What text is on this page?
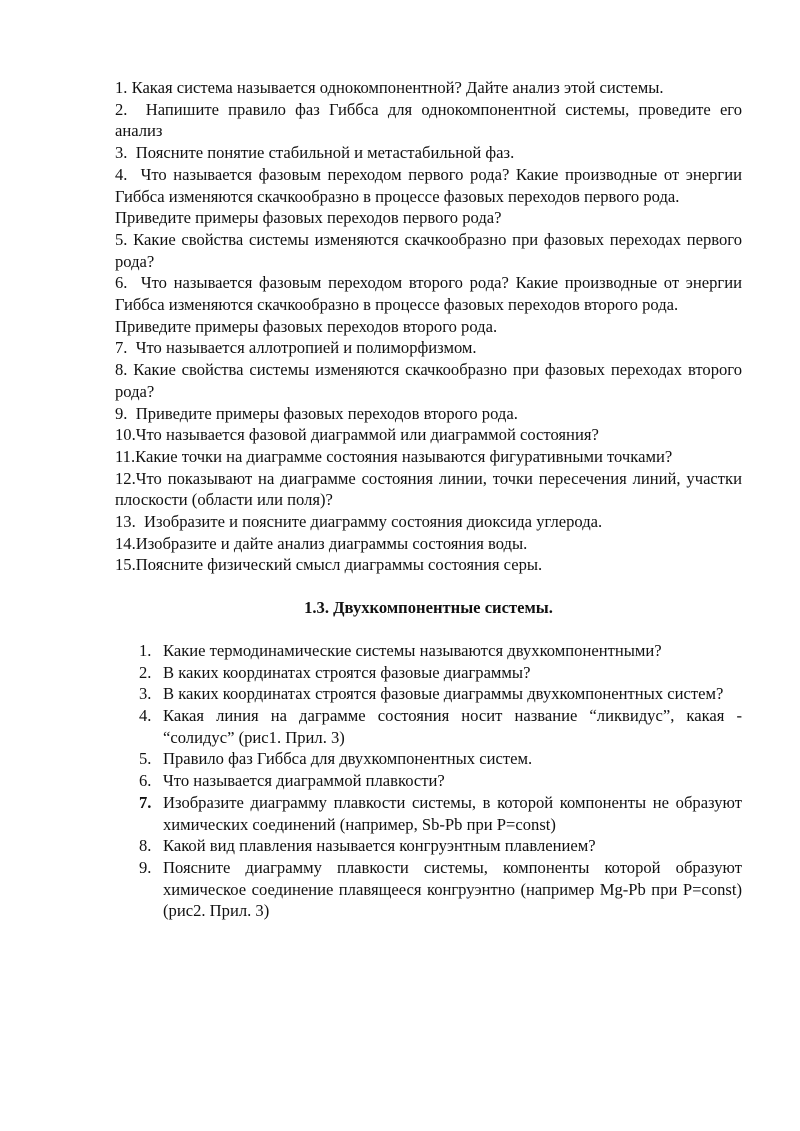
1. Какая система называется однокомпонентной? Дайте анализ этой системы.

2.  Напишите правило фаз Гиббса для однокомпонентной системы, проведите его анализ

3.  Поясните понятие стабильной и метастабильной фаз.

4.  Что называется фазовым переходом первого рода? Какие производные от энергии Гиббса изменяются скачкообразно в процессе фазовых переходов первого рода.

Приведите примеры фазовых переходов первого рода?

5. Какие свойства системы изменяются скачкообразно при фазовых переходах первого рода?

6.  Что называется фазовым переходом второго рода? Какие производные от энергии Гиббса изменяются скачкообразно в процессе фазовых переходов второго рода.

Приведите примеры фазовых переходов второго рода.

7.  Что называется аллотропией и полиморфизмом.

8. Какие свойства системы изменяются скачкообразно при фазовых переходах второго рода?

9.  Приведите примеры фазовых переходов второго рода.

10.Что называется фазовой диаграммой или диаграммой состояния?

11.Какие точки на диаграмме состояния называются фигуративными точками?

12.Что показывают на диаграмме состояния линии, точки пересечения линий, участки плоскости (области или поля)?

13.  Изобразите и поясните диаграмму состояния диоксида углерода.

14.Изобразите и дайте анализ диаграммы состояния воды.

15.Поясните физический смысл диаграммы состояния серы.

1.3. Двухкомпонентные системы.
1. Какие термодинамические системы называются двухкомпонентными?
2. В каких координатах строятся фазовые диаграммы?
3. В каких координатах строятся фазовые диаграммы двухкомпонентных систем?
4. Какая линия на дагрaмме состояния носит название “ликвидус”, какая - “солидус” (рис1. Прил. 3)
5. Правило фаз Гиббса для двухкомпонентных систем.
6. Что называется диаграммой плавкости?
7. Изобразите диаграмму плавкости системы, в которой компоненты не образуют химических соединений (например, Sb-Pb при P=const)
8. Какой вид плавления называется конгруэнтным плавлением?
9. Поясните диаграмму плавкости системы, компоненты которой образуют химическое соединение плавящееся конгруэнтно (например Mg-Pb при P=const) (рис2. Прил. 3)
